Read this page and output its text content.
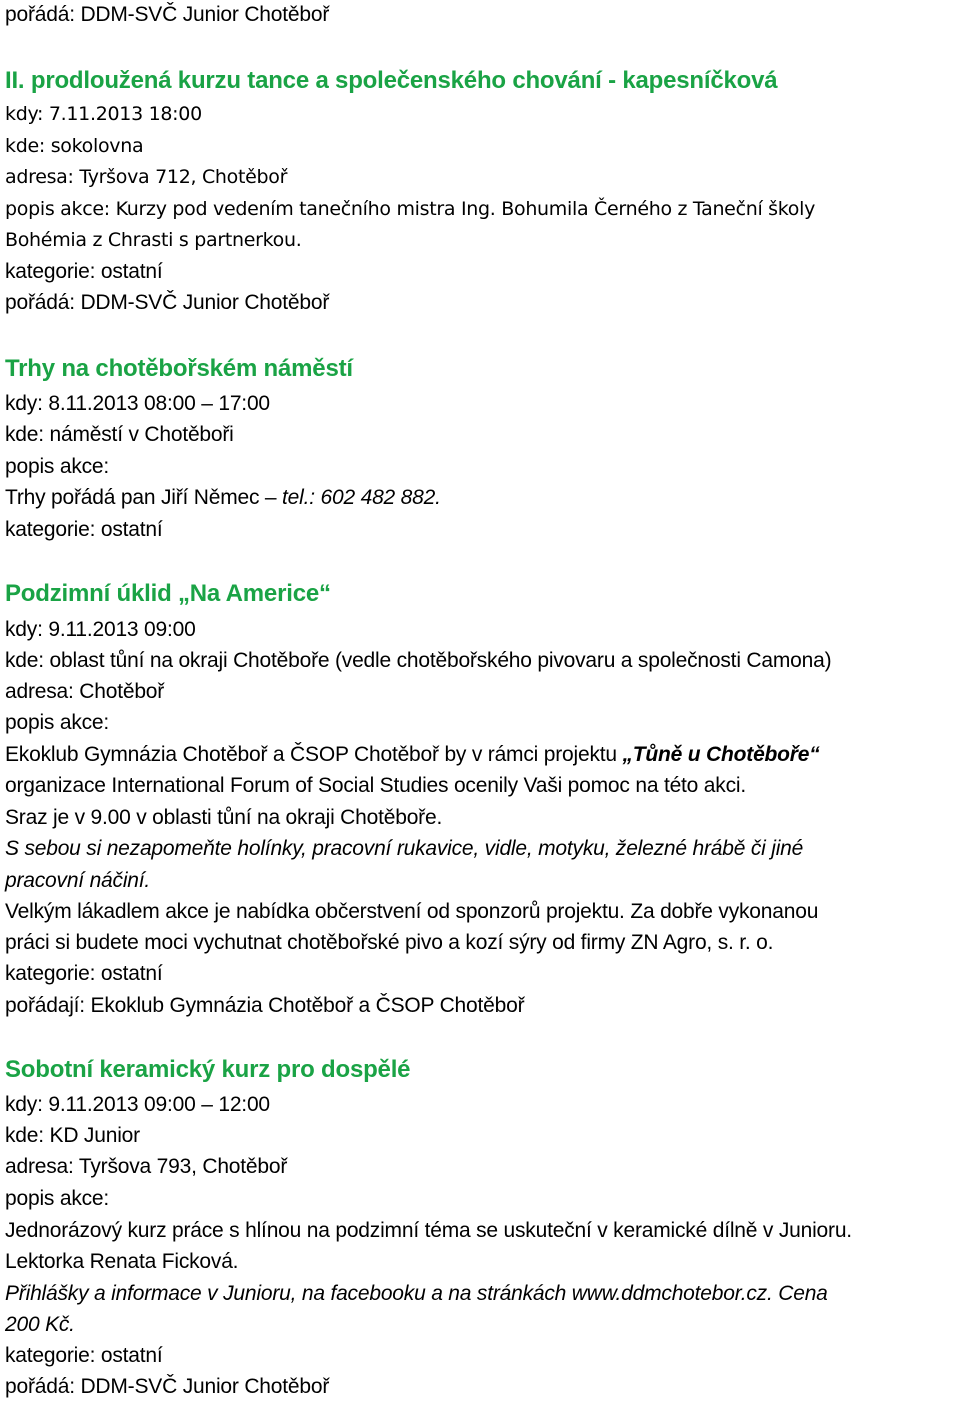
pořádá: DDM-SVČ Junior Chotěboř
II. prodloužená kurzu tance a společenského chování - kapesníčková
kdy: 7.11.2013 18:00
kde: sokolovna
adresa: Tyršova 712, Chotěboř
popis akce: Kurzy pod vedením tanečního mistra Ing. Bohumila Černého z Taneční školy
Bohémia z Chrasti s partnerkou.
kategorie: ostatní
pořádá: DDM-SVČ Junior Chotěboř
Trhy na chotěbořském náměstí
kdy: 8.11.2013 08:00 – 17:00
kde: náměstí v Chotěboři
popis akce:
Trhy pořádá pan Jiří Němec – tel.: 602 482 882.
kategorie: ostatní
Podzimní úklid „Na Americe“
kdy: 9.11.2013 09:00
kde: oblast tůní na okraji Chotěboře (vedle chotěbořského pivovaru a společnosti Camona)
adresa: Chotěboř
popis akce:
Ekoklub Gymnázia Chotěboř a ČSOP Chotěboř by v rámci projektu „Tůně u Chotěboře“
organizace International Forum of Social Studies ocenily Vaši pomoc na této akci.
Sraz je v 9.00 v oblasti tůní na okraji Chotěboře.
S sebou si nezapomeňte holínky, pracovní rukavice, vidle, motyku, železné hrábě či jiné
pracovní náčiní.
Velkým lákadlem akce je nabídka občerstvení od sponzorů projektu. Za dobře vykonanou
práci si budete moci vychutnat chotěbořské pivo a kozí sýry od firmy ZN Agro, s. r. o.
kategorie: ostatní
pořádají: Ekoklub Gymnázia Chotěboř a ČSOP Chotěboř
Sobotní keramický kurz pro dospělé
kdy: 9.11.2013 09:00 – 12:00
kde: KD Junior
adresa: Tyršova 793, Chotěboř
popis akce:
Jednorázový kurz práce s hlínou na podzimní téma se uskuteční v keramické dílně v Junioru.
Lektorka Renata Ficková.
Přihlášky a informace v Junioru, na facebooku a na stránkách www.ddmchotebor.cz. Cena
200 Kč.
kategorie: ostatní
pořádá: DDM-SVČ Junior Chotěboř
